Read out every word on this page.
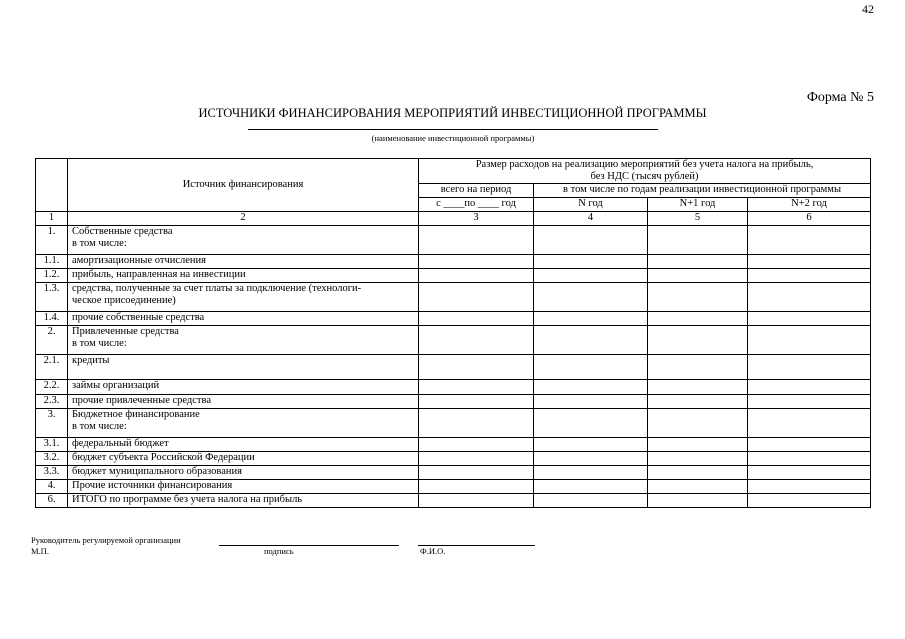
42
Форма № 5
ИСТОЧНИКИ ФИНАНСИРОВАНИЯ МЕРОПРИЯТИЙ ИНВЕСТИЦИОННОЙ ПРОГРАММЫ
(наименование инвестиционной программы)
	Источник финансирования	Размер расходов на реализацию мероприятий без учета налога на прибыль,
без НДС (тысяч рублей)			

		всего на период	в том числе по годам реализации инвестиционной программы		
		с ____по ____ год	N год	N+1 год	N+2 год
1	2	3	4	5	6
1.	Собственные средства
в том числе:				

1.1.	амортизационные отчисления				

1.2.	прибыль, направленная на инвестиции				

1.3.	средства, полученные за счет платы за подключение (технологи-
ческое присоединение)				

1.4.	прочие собственные средства				

2.	Привлеченные средства
в том числе:				

2.1.	кредиты				

2.2.	займы организаций				

2.3.	прочие привлеченные средства				

3.	Бюджетное финансирование
в том числе:				

3.1.	федеральный бюджет				

3.2.	бюджет субъекта Российской Федерации				

3.3.	бюджет муниципального образования				

4.	Прочие источники финансирования				

6.	ИТОГО по программе без учета налога на прибыль				

Руководитель регулируемой организации
М.П.	подпись	Ф.И.О.
